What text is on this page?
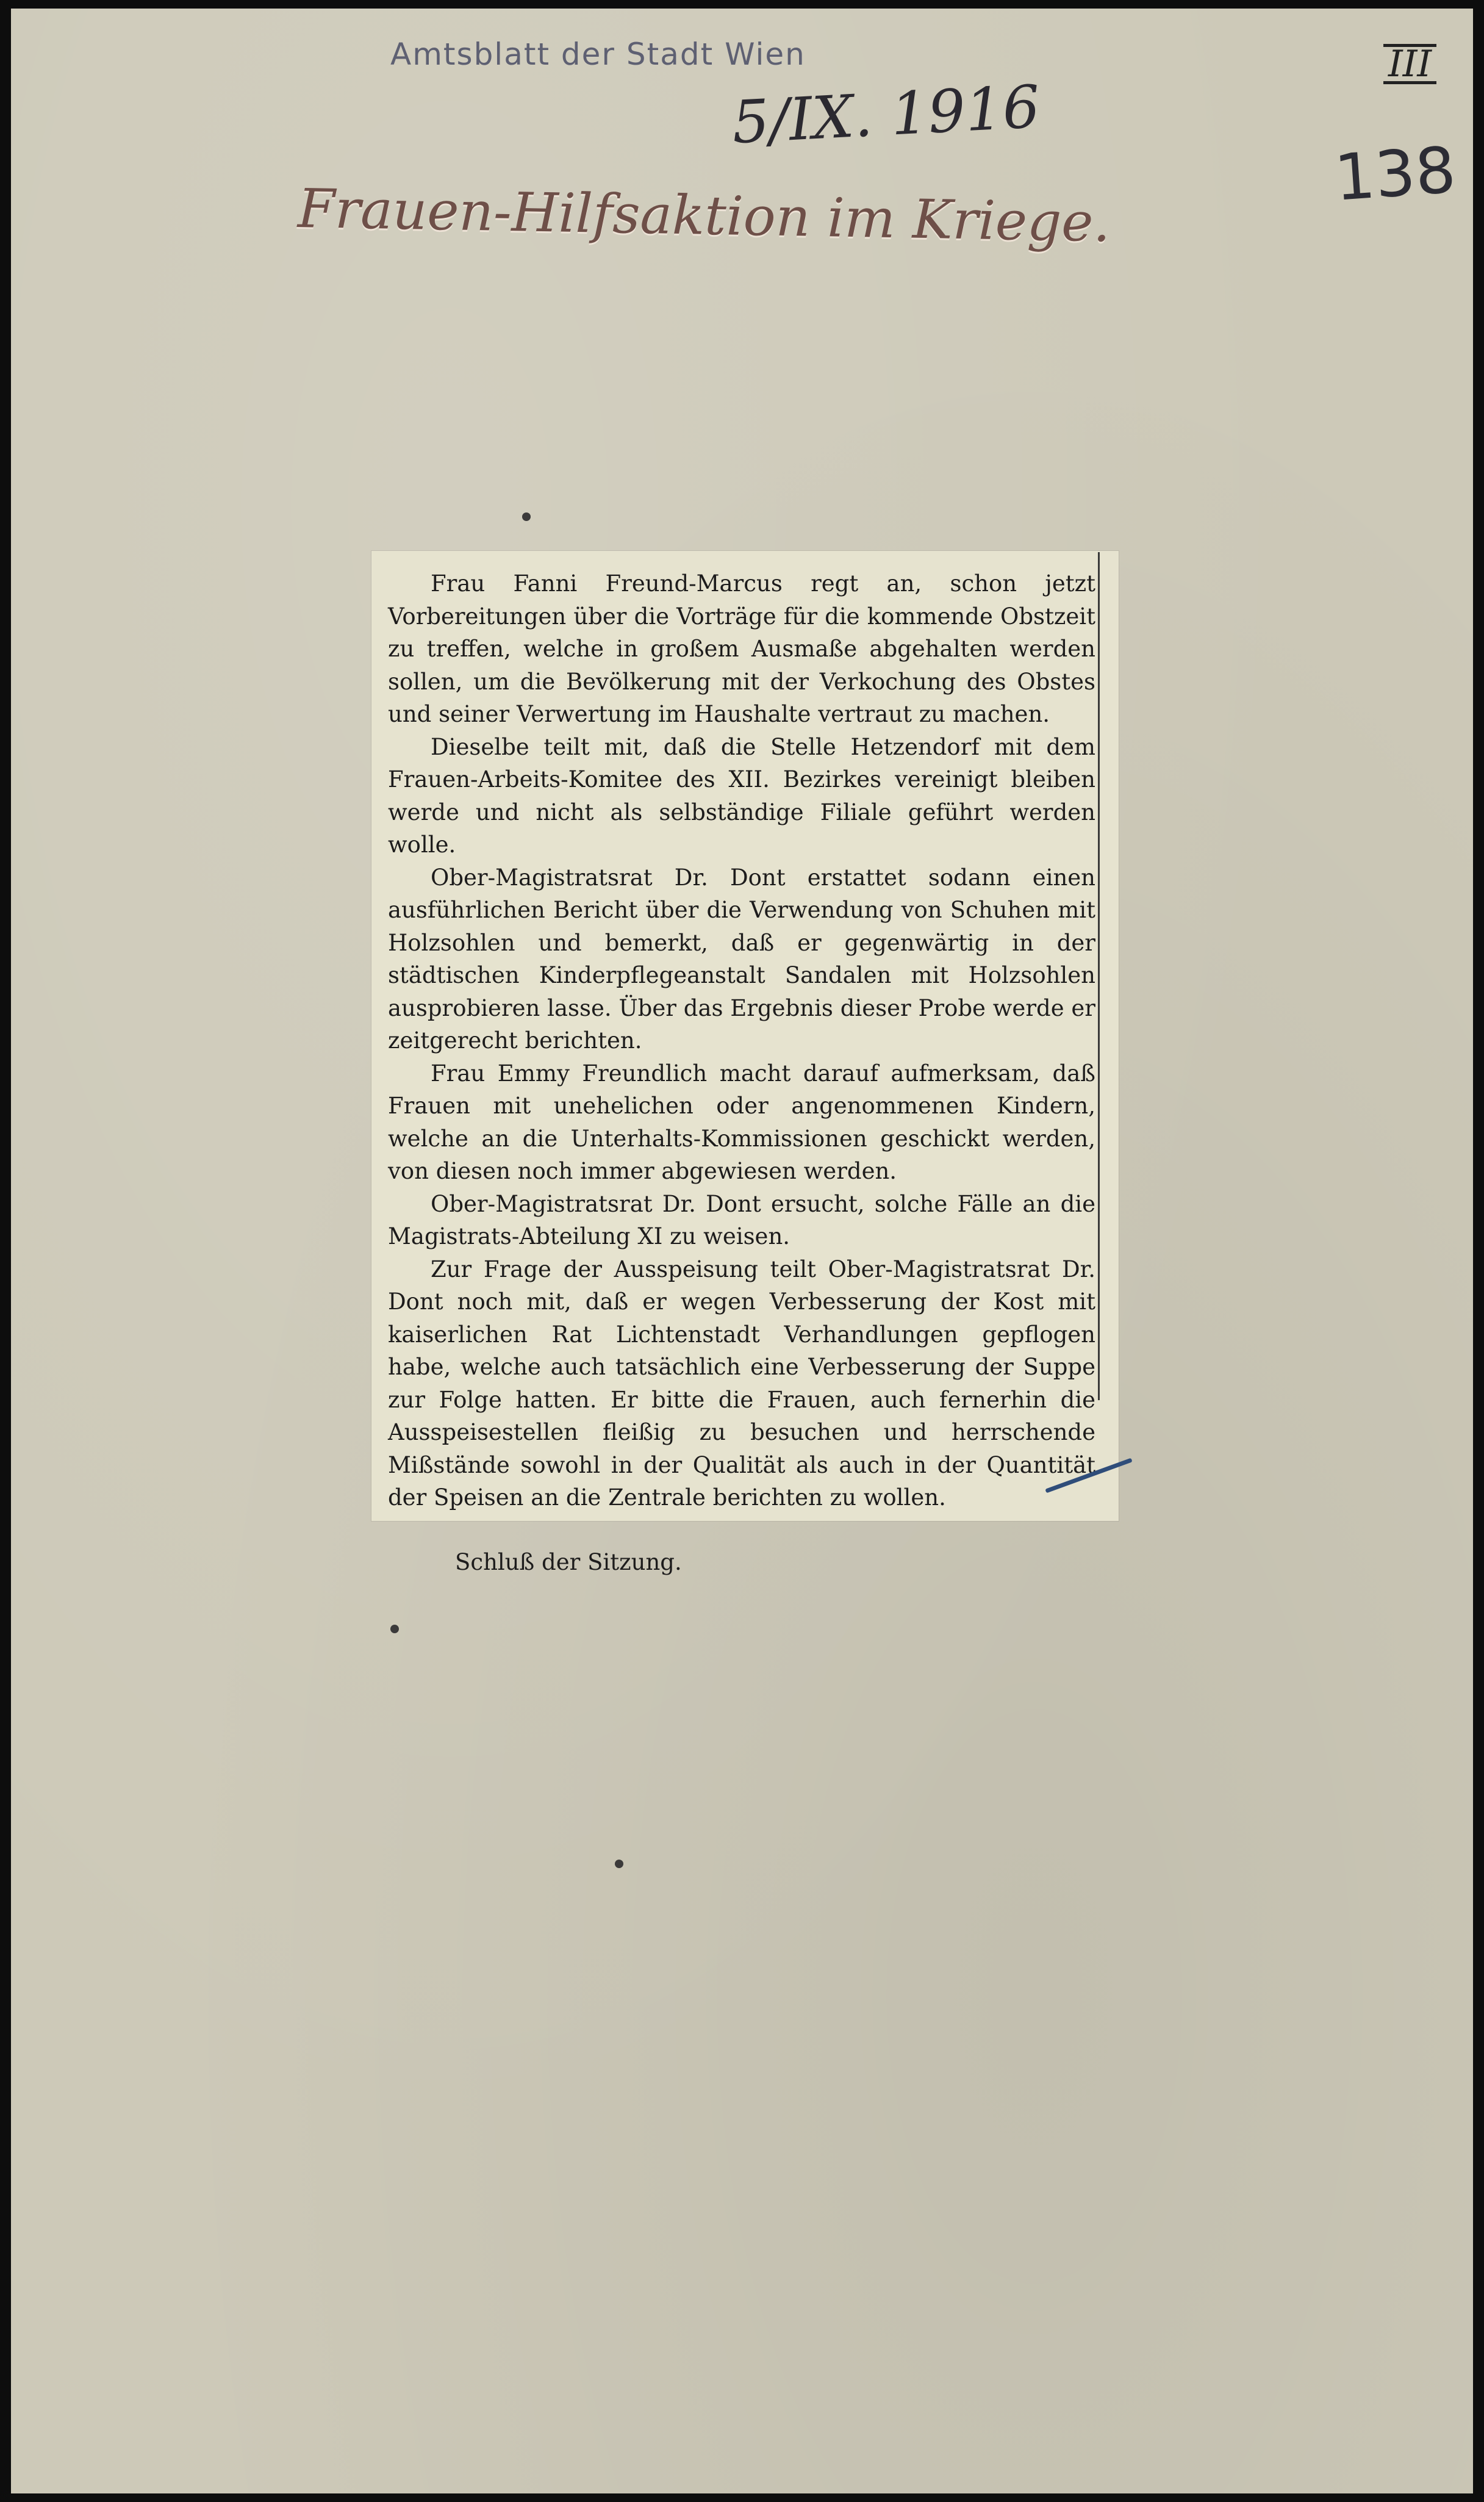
Amtsblatt der Stadt Wien
5/IX. 1916
III
138
Frauen-Hilfsaktion im Kriege.

Frau Fanni Freund-Marcus regt an, schon jetzt Vorbereitungen über die Vorträge für die kommende Obstzeit zu treffen, welche in großem Ausmaße abgehalten werden sollen, um die Bevölkerung mit der Verkochung des Obstes und seiner Verwertung im Haushalte vertraut zu machen.

Dieselbe teilt mit, daß die Stelle Hetzendorf mit dem Frauen-Arbeits-Komitee des XII. Bezirkes vereinigt bleiben werde und nicht als selbständige Filiale geführt werden wolle.

Ober-Magistratsrat Dr. Dont erstattet sodann einen ausführlichen Bericht über die Verwendung von Schuhen mit Holzsohlen und bemerkt, daß er gegenwärtig in der städtischen Kinderpflegeanstalt Sandalen mit Holzsohlen ausprobieren lasse. Über das Ergebnis dieser Probe werde er zeitgerecht berichten.

Frau Emmy Freundlich macht darauf aufmerksam, daß Frauen mit unehelichen oder angenommenen Kindern, welche an die Unterhalts-Kommissionen geschickt werden, von diesen noch immer abgewiesen werden.

Ober-Magistratsrat Dr. Dont ersucht, solche Fälle an die Magistrats-Abteilung XI zu weisen.

Zur Frage der Ausspeisung teilt Ober-Magistratsrat Dr. Dont noch mit, daß er wegen Verbesserung der Kost mit kaiserlichen Rat Lichtenstadt Verhandlungen gepflogen habe, welche auch tatsächlich eine Verbesserung der Suppe zur Folge hatten. Er bitte die Frauen, auch fernerhin die Ausspeisestellen fleißig zu besuchen und herrschende Mißstände sowohl in der Qualität als auch in der Quantität der Speisen an die Zentrale berichten zu wollen.

Schluß der Sitzung.
